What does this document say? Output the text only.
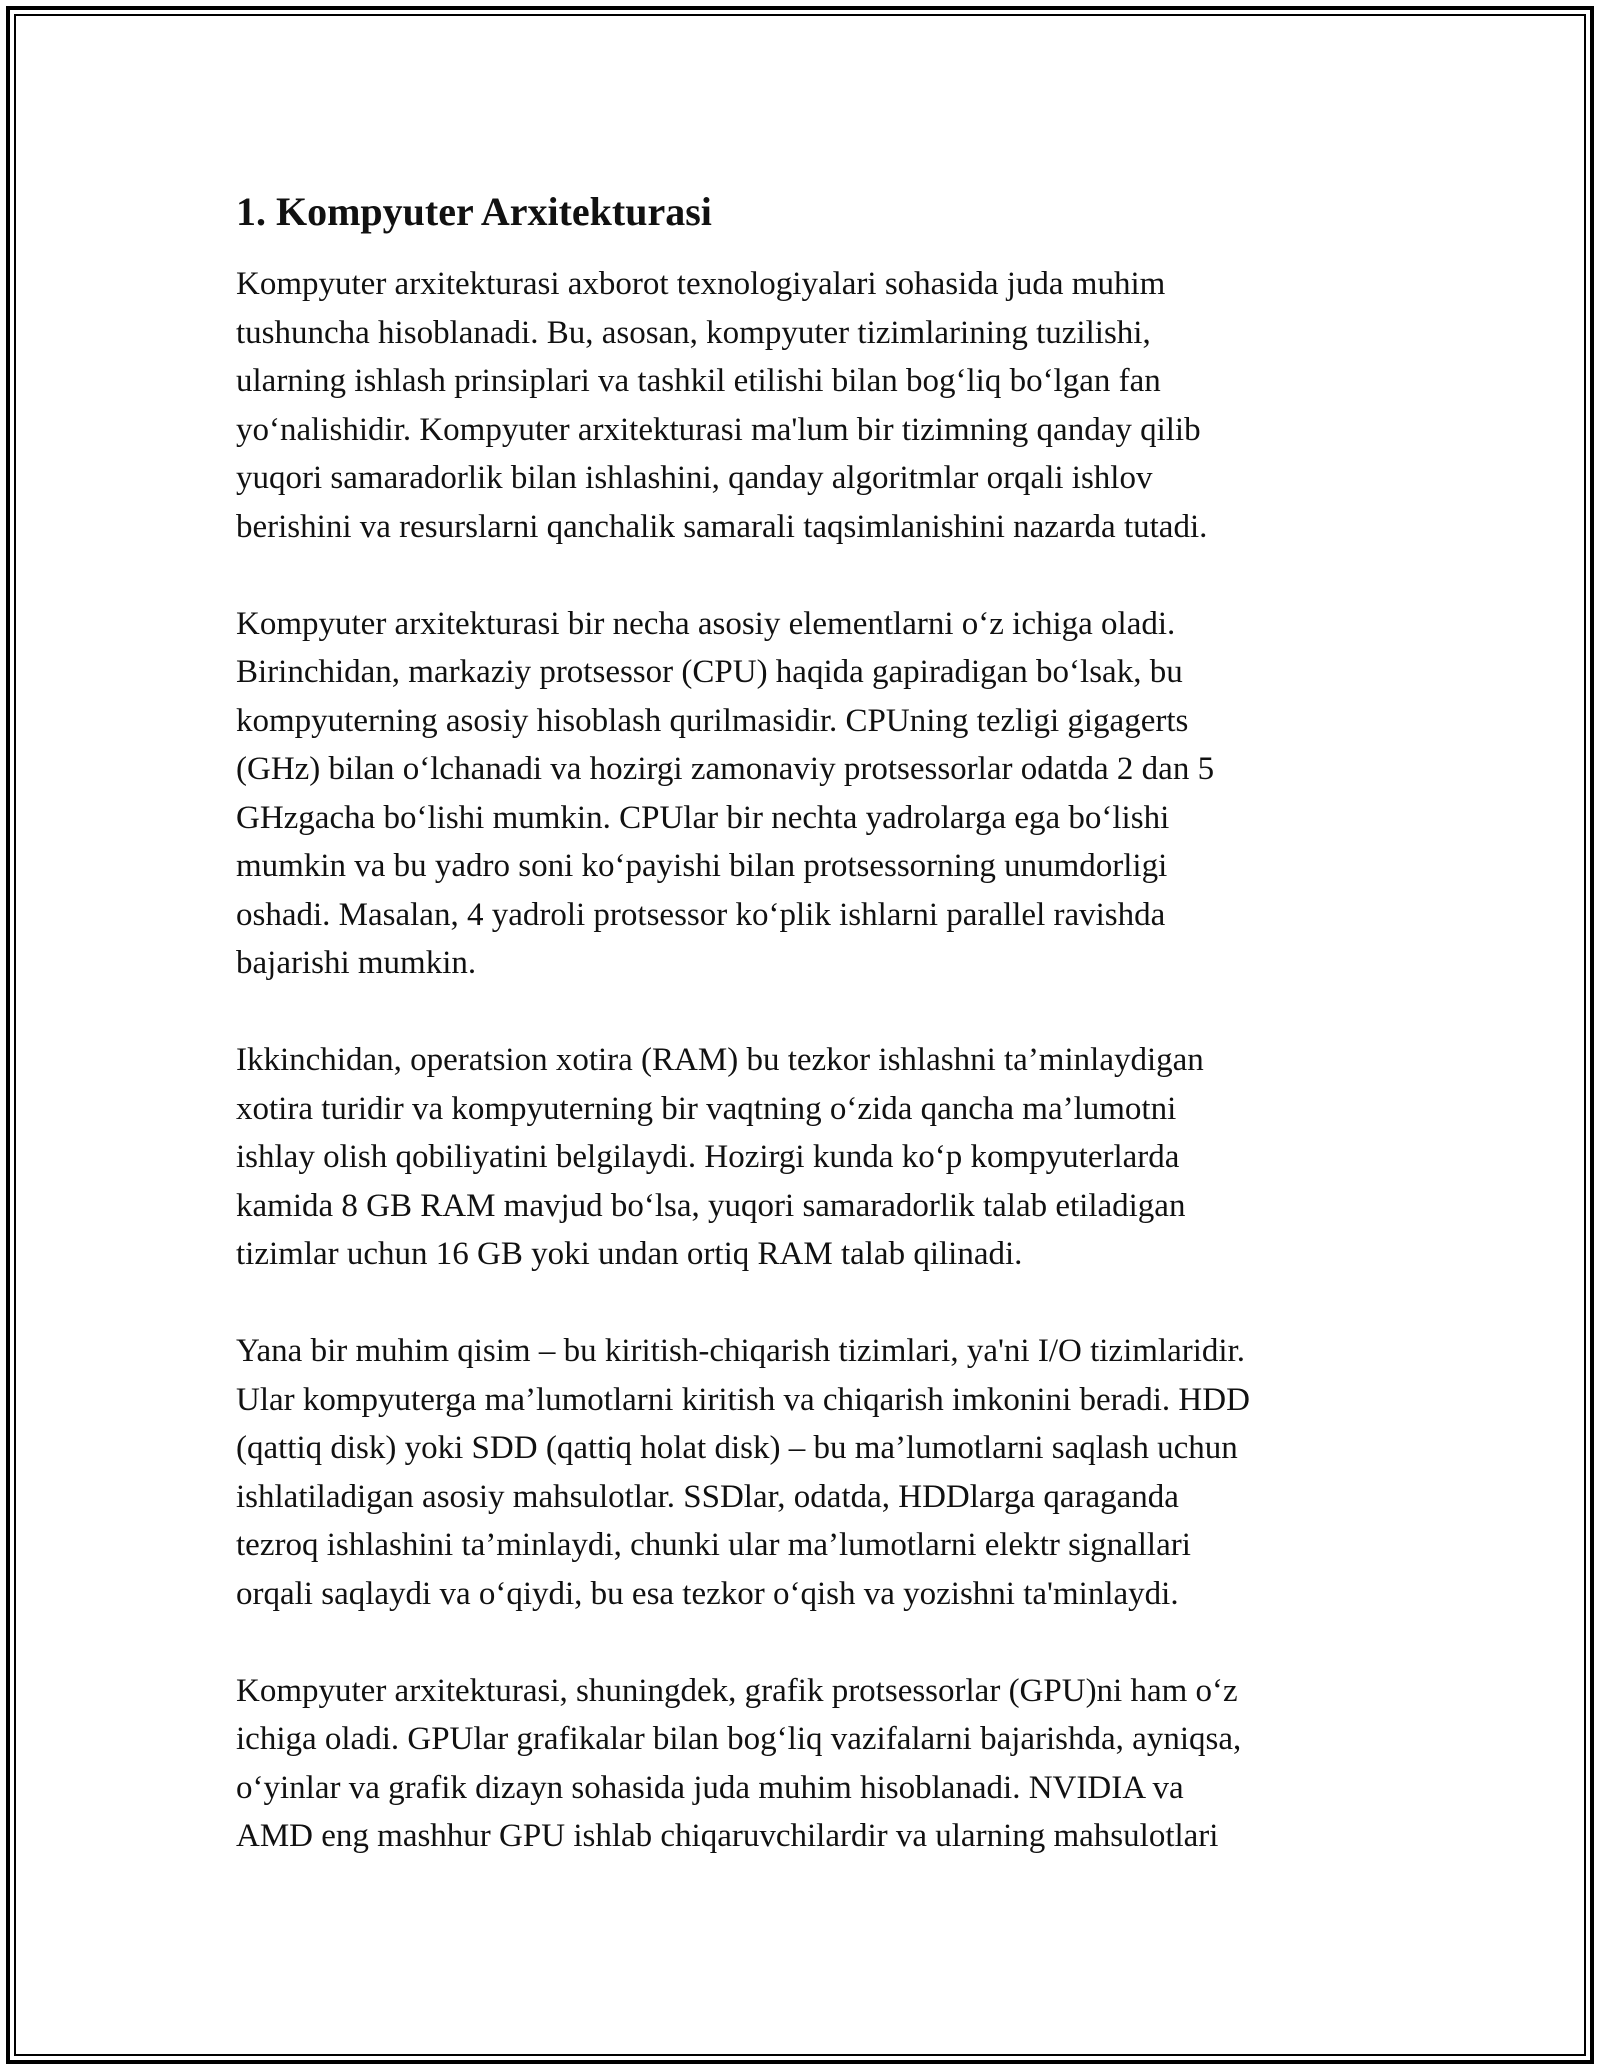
1. Kompyuter Arxitekturasi

Kompyuter arxitekturasi axborot texnologiyalari sohasida juda muhim
tushuncha hisoblanadi. Bu, asosan, kompyuter tizimlarining tuzilishi,
ularning ishlash prinsiplari va tashkil etilishi bilan bog‘liq bo‘lgan fan
yo‘nalishidir. Kompyuter arxitekturasi ma'lum bir tizimning qanday qilib
yuqori samaradorlik bilan ishlashini, qanday algoritmlar orqali ishlov
berishini va resurslarni qanchalik samarali taqsimlanishini nazarda tutadi.

Kompyuter arxitekturasi bir necha asosiy elementlarni o‘z ichiga oladi.
Birinchidan, markaziy protsessor (CPU) haqida gapiradigan bo‘lsak, bu
kompyuterning asosiy hisoblash qurilmasidir. CPUning tezligi gigagerts
(GHz) bilan o‘lchanadi va hozirgi zamonaviy protsessorlar odatda 2 dan 5
GHzgacha bo‘lishi mumkin. CPUlar bir nechta yadrolarga ega bo‘lishi
mumkin va bu yadro soni ko‘payishi bilan protsessorning unumdorligi
oshadi. Masalan, 4 yadroli protsessor ko‘plik ishlarni parallel ravishda
bajarishi mumkin.

Ikkinchidan, operatsion xotira (RAM) bu tezkor ishlashni ta’minlaydigan
xotira turidir va kompyuterning bir vaqtning o‘zida qancha ma’lumotni
ishlay olish qobiliyatini belgilaydi. Hozirgi kunda ko‘p kompyuterlarda
kamida 8 GB RAM mavjud bo‘lsa, yuqori samaradorlik talab etiladigan
tizimlar uchun 16 GB yoki undan ortiq RAM talab qilinadi.

Yana bir muhim qisim – bu kiritish-chiqarish tizimlari, ya'ni I/O tizimlaridir.
Ular kompyuterga ma’lumotlarni kiritish va chiqarish imkonini beradi. HDD
(qattiq disk) yoki SDD (qattiq holat disk) – bu ma’lumotlarni saqlash uchun
ishlatiladigan asosiy mahsulotlar. SSDlar, odatda, HDDlarga qaraganda
tezroq ishlashini ta’minlaydi, chunki ular ma’lumotlarni elektr signallari
orqali saqlaydi va o‘qiydi, bu esa tezkor o‘qish va yozishni ta'minlaydi.

Kompyuter arxitekturasi, shuningdek, grafik protsessorlar (GPU)ni ham o‘z
ichiga oladi. GPUlar grafikalar bilan bog‘liq vazifalarni bajarishda, ayniqsa,
o‘yinlar va grafik dizayn sohasida juda muhim hisoblanadi. NVIDIA va
AMD eng mashhur GPU ishlab chiqaruvchilardir va ularning mahsulotlari
